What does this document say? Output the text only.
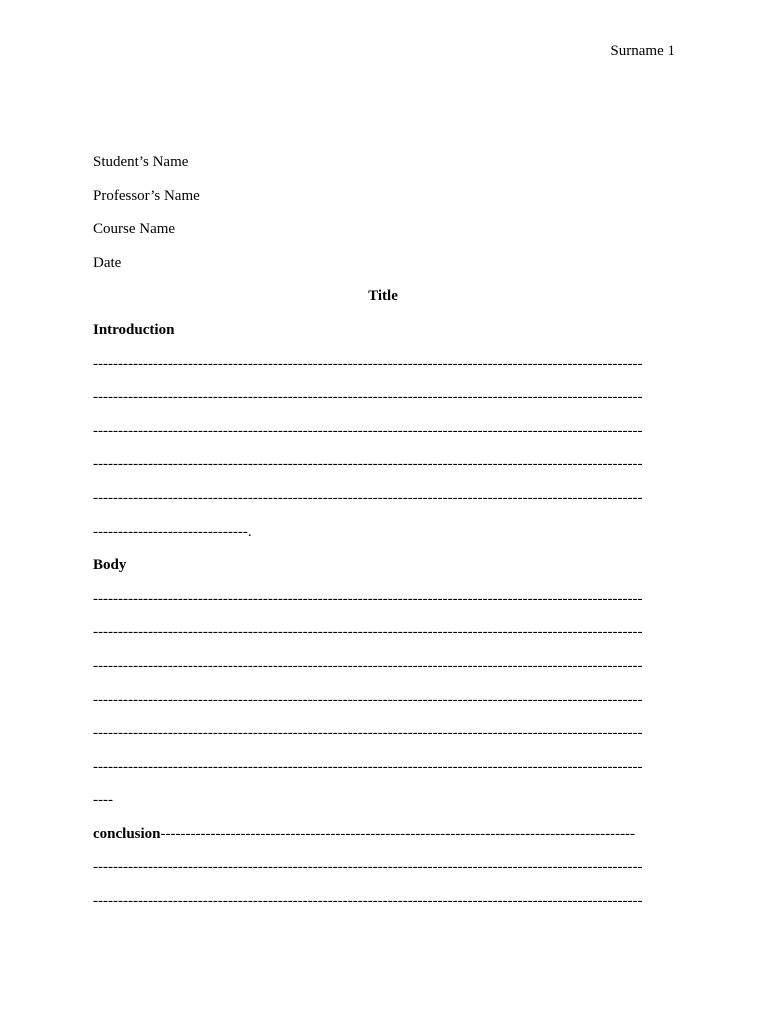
Surname 1
Student’s Name
Professor’s Name
Course Name
Date
Title
Introduction
--------------------------------------------------------------------------------------------------------------
--------------------------------------------------------------------------------------------------------------
--------------------------------------------------------------------------------------------------------------
--------------------------------------------------------------------------------------------------------------
--------------------------------------------------------------------------------------------------------------
-------------------------------.
Body
--------------------------------------------------------------------------------------------------------------
--------------------------------------------------------------------------------------------------------------
--------------------------------------------------------------------------------------------------------------
--------------------------------------------------------------------------------------------------------------
--------------------------------------------------------------------------------------------------------------
--------------------------------------------------------------------------------------------------------------
----
conclusion-----------------------------------------------------------------------------------------------
--------------------------------------------------------------------------------------------------------------
--------------------------------------------------------------------------------------------------------------
